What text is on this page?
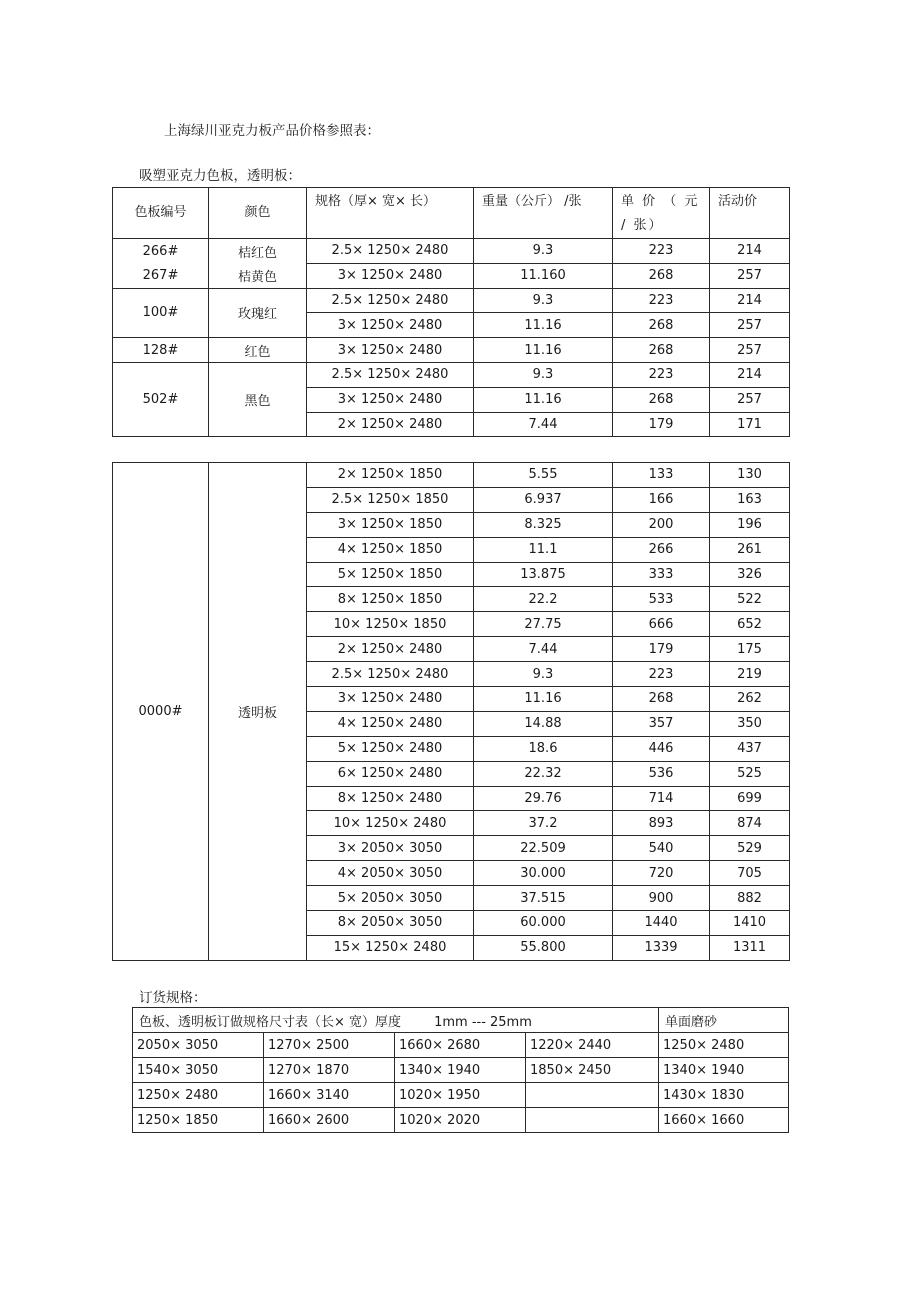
上海绿川亚克力板产品价格参照表：
吸塑亚克力色板，透明板：
色板编号	颜色	规格（厚× 宽× 长）	重量（公斤） /张	单 价 （ 元 / 张）	活动价
266#	桔红色	2.5× 1250× 2480	9.3	223	214
267#	桔黄色	3× 1250× 2480	11.160	268	257
100#	玫瑰红	2.5× 1250× 2480	9.3	223	214
		3× 1250× 2480	11.16	268	257
128#	红色	3× 1250× 2480	11.16	268	257
502#	黑色	2.5× 1250× 2480	9.3	223	214
		3× 1250× 2480	11.16	268	257
		2× 1250× 2480	7.44	179	171
0000#	透明板	2× 1250× 1850	5.55	133	130
		2.5× 1250× 1850	6.937	166	163
		3× 1250× 1850	8.325	200	196
		4× 1250× 1850	11.1	266	261
		5× 1250× 1850	13.875	333	326
		8× 1250× 1850	22.2	533	522
		10× 1250× 1850	27.75	666	652
		2× 1250× 2480	7.44	179	175
		2.5× 1250× 2480	9.3	223	219
		3× 1250× 2480	11.16	268	262
		4× 1250× 2480	14.88	357	350
		5× 1250× 2480	18.6	446	437
		6× 1250× 2480	22.32	536	525
		8× 1250× 2480	29.76	714	699
		10× 1250× 2480	37.2	893	874
		3× 2050× 3050	22.509	540	529
		4× 2050× 3050	30.000	720	705
		5× 2050× 3050	37.515	900	882
		8× 2050× 3050	60.000	1440	1410
		15× 1250× 2480	55.800	1339	1311
订货规格：
色板、透明板订做规格尺寸表（长× 宽）厚度        1mm --- 25mm				单面磨砂
2050× 3050	1270× 2500	1660× 2680	1220× 2440	1250× 2480
1540× 3050	1270× 1870	1340× 1940	1850× 2450	1340× 1940
1250× 2480	1660× 3140	1020× 1950		1430× 1830
1250× 1850	1660× 2600	1020× 2020		1660× 1660
